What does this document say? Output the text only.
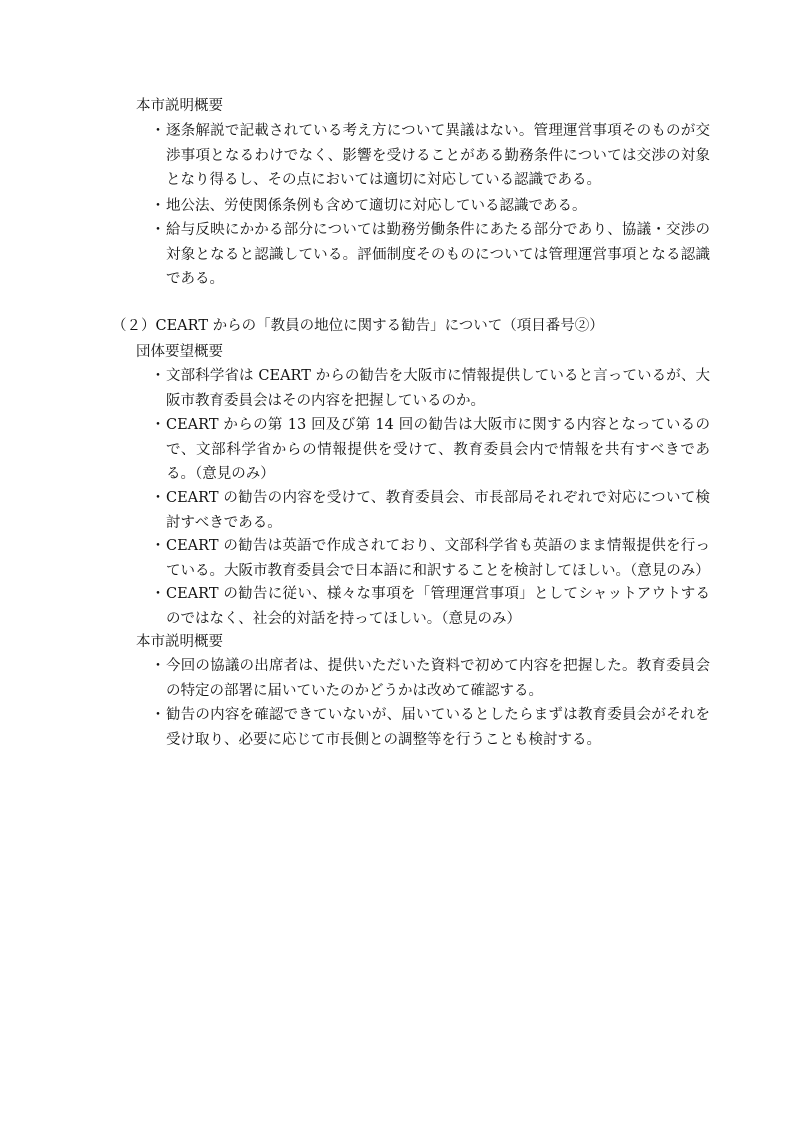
本市説明概要
・ 逐条解説で記載されている考え方について異議はない。管理運営事項そのものが交渉事項となるわけでなく、影響を受けることがある勤務条件については交渉の対象となり得るし、その点においては適切に対応している認識である。
・ 地公法、労使関係条例も含めて適切に対応している認識である。
・ 給与反映にかかる部分については勤務労働条件にあたる部分であり、協議・交渉の対象となると認識している。評価制度そのものについては管理運営事項となる認識である。
（２）CEART からの「教員の地位に関する勧告」について（項目番号②）
団体要望概要
・ 文部科学省は CEART からの勧告を大阪市に情報提供していると言っているが、大阪市教育委員会はその内容を把握しているのか。
・ CEART からの第 13 回及び第 14 回の勧告は大阪市に関する内容となっているので、文部科学省からの情報提供を受けて、教育委員会内で情報を共有すべきである。（意見のみ）
・ CEART の勧告の内容を受けて、教育委員会、市長部局それぞれで対応について検討すべきである。
・ CEART の勧告は英語で作成されており、文部科学省も英語のまま情報提供を行っている。大阪市教育委員会で日本語に和訳することを検討してほしい。（意見のみ）
・ CEART の勧告に従い、様々な事項を「管理運営事項」としてシャットアウトするのではなく、社会的対話を持ってほしい。（意見のみ）
本市説明概要
・ 今回の協議の出席者は、提供いただいた資料で初めて内容を把握した。教育委員会の特定の部署に届いていたのかどうかは改めて確認する。
・ 勧告の内容を確認できていないが、届いているとしたらまずは教育委員会がそれを受け取り、必要に応じて市長側との調整等を行うことも検討する。
